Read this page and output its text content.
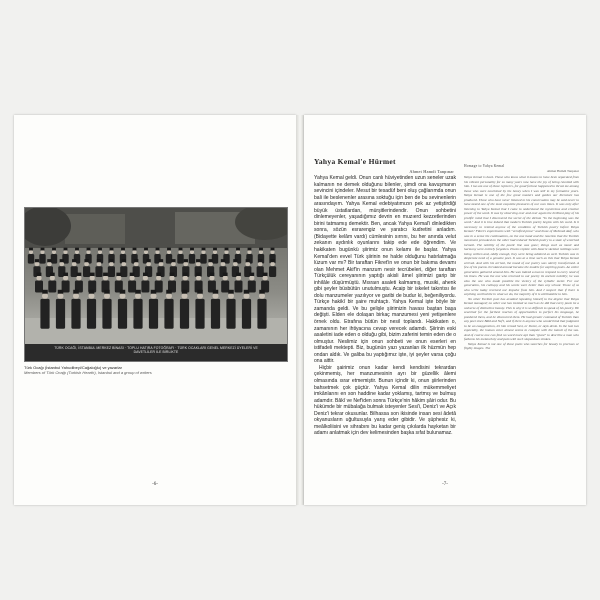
TÜRK OCAĞI, İSTANBUL MERKEZ BİNASI · TOPLU HATIRA FOTOĞRAFI · TÜRK OCAKLARI GENEL MERKEZİ ÜYELERİ VE DAVETLİLER İLE BİRLİKTE
Türk Ocağı (İstanbul Yahudibeyi/Cağaloğlu) ve yazarlar
Members of Türk Ocağı (Turkish Hearth), Istanbul and a group of writers
-6-
Yahya Kemal'e Hürmet
Ahmet Hamdi Tanpınar

Yahya Kemal geldi. Onun canlı hüviyetinden uzun seneler uzak kalmanın ne demek olduğunu bilenler, şimdi ona kavuşmanın sevincini içindeler. Mesut bir tesadüf beni oluş çağlarımda onun bali ile beslenenler arasına soktuğu için ben de bu sevinenlerin arasındayım. Yahya Kemal edebiyatımızın pek az yetiştirdiği büyük üstatlardan, mürşitlerindendir. Onun sohbetini dinlemeyenler, yaşadığımız devrin en muzıerd kezzetlerinden birini tatmamış demektir. Ben, ancak Yahya Kemal'i dinledikten sonra, sözün esrarengiz ve yaratıcı kudretini anladım. (Bidayette kelâm vardı) cümlesinin sırrını, bu her anında velut zekanın aydınlık oyunlarını takip ede ede öğrendim. Ve hakikaten bugünkü şiirimiz onun kelamı ile başlar. Yahya Kemal'den evvel Türk şiirinin ne halde olduğunu hatırlatmağa lüzum var mı? Bir taraftan Fikret'in ve onun bir bakıma devamı olan Mehmet Akif'in manzum nesir tecrübeleri, diğer taraftan Türkçülük cereyanının yaptığı akisli âmel şiirimizi garip bir inhilâle düşürmüştü. Mısraın asaleti kalmamış, musiki, ahenk gibi şeyler büsbütün unutulmuştu. Acaip bir iskelet takıntısı ile dolu manzumeler yazılıyor ve garibi de budur ki, beğeniliyordu. Türkçe hakikî bir şaire muhtaçtı. Yahya Kemal işte böyle bir zamanda geldi. Ve bu gelişle şiirimizin havası baştan başa değişti. Elden ele dolaşan birkaç manzumesi yeni yetişenlere örnek oldu. Etrafına bütün bir nesil toplandı. Hakikaten o, zamanının her ihtiyacına cevap verecek adamdı. Şiirinin eski asaletini iade eden o olduğu gibi, bizim zaferini temin eden de o olmuştur. Neslimiz için onun sohbeti ve onun eserleri en istifadeli mektepti. Biz, bugünün yazı yazanları ilk hüzmün hep ondan aldık. Ve galiba bu yaptığımız işte, iyi şeyler varsa çoğu ona aittir.

Hiçbir şairimiz onun kadar kendi kendisini tekrardan çekinmemiş, her manzumesinin ayrı bir güzellik âlemi olmasında ısrar etmemiştir. Bunun içindir ki, onun şiirlerinden bahsetmek çok güçtür. Yahya Kemal dilin mükemmeliyet imkânlarını en son haddine kadar yoklamış, tartmış ve bulmuş adamdır. Bâkî ve Nef'iden sonra Türkçe'nin hâkim şâiri odur. Bu hükümde bir mübalağa bulmak isteyenler Sesi'i, Deniz'i ve Açık Deniz'i tekrar okusunlar. Bilhassa son ikisinde insan sesi âdetâ okyanusların uğultusuyla yarış eder gibidir. Ve şüphesiz ki, meâlkoliisini ve sihrabını bu kadar geniş çıkılarda hayketan bir adamı anlatmak için dev kelimesinden başka sıfat bulunamaz.

Homage to Yahya Kemal
Ahmet Hamdi Tanpınar

Yahya Kemal is back. Those who know what it means to have been separated from his vibrant personality for so many years now have the joy of being reunited with him. I too am one of those rejoicers, for good fortune happened to thrust me among those who were nourished by his honey when I was still in my formative years. Yahya Kemal is one of the few great masters and guides our literature has produced. Those who have never listened to his conversation may be said never to have tasted one of the most exquisite pleasures of our own times. It was only after listening to Yahya Kemal that I came to understand the mysterious and creative power of the word. It was by observing over and over again the brilliant play of his prolific mind that I discovered the secret of the dictum "In the beginning was the word." And it is true indeed that modern Turkish poetry begins with his word. Is it necessary to remind anyone of the condition of Turkish poetry before Yahya Kemal? Fikret's experiments with "versified prose" and those of Mehmed Akif, who was in a sense his continuation, on the one hand and the reaction that the Turkish movement provoked on the other had reduced Turkish poetry to a state of wretched turmoil. The nobility of the poetic line was gone; things such as music and harmony were entirely forgotten. Poems replete with bizarre skeletal rattlings were being written and, oddly enough, they were being admired as well. Turkish was in desperate need of a genuine poet. It was at a time such as this that Yahya Kemal arrived. And with his arrival, the mood of our poetry was utterly transformed. A few of his poems circulated around became the models for aspiring poets. An entire generation gathered around him. He was indeed a man to respond to every need of his times. He was the one who returned to our poetry its ancient nobility; he was also the one who made possible the victory of the syllabic meter. For our generation, his colloquy and his works were better than any school. Those of us who write today received our impulse from him. And I suspect that if there is anything worthwhile in what we do, the majority of it is attributable to him.

No other Turkish poet has avoided repeating himself to the degree that Yahya Kemal managed; no other one has insisted so much as he did that every poem be a universe of distinctive beauty. This is why it is so difficult to speak of his poetry. He searched for the farthest reaches of opportunities to perfect his language, he pondered them, and he discovered them. He had greater command of Turkish than any poet since Bâkî and Nef'i, and if there is anyone who would think that judgment to be an exaggeration, let him reread Sesi, or Deniz, or Açık deniz. In the last two especially, the human voice almost seems to compete with the tumult of the sea. And of course one can find no word more apt than "giant" to describe a man who fathoms his melancholy and pain with such stupendous strokes.

Yahya Kemal is not one of those poets who searches for beauty in precious or flighty images. The

-7-
